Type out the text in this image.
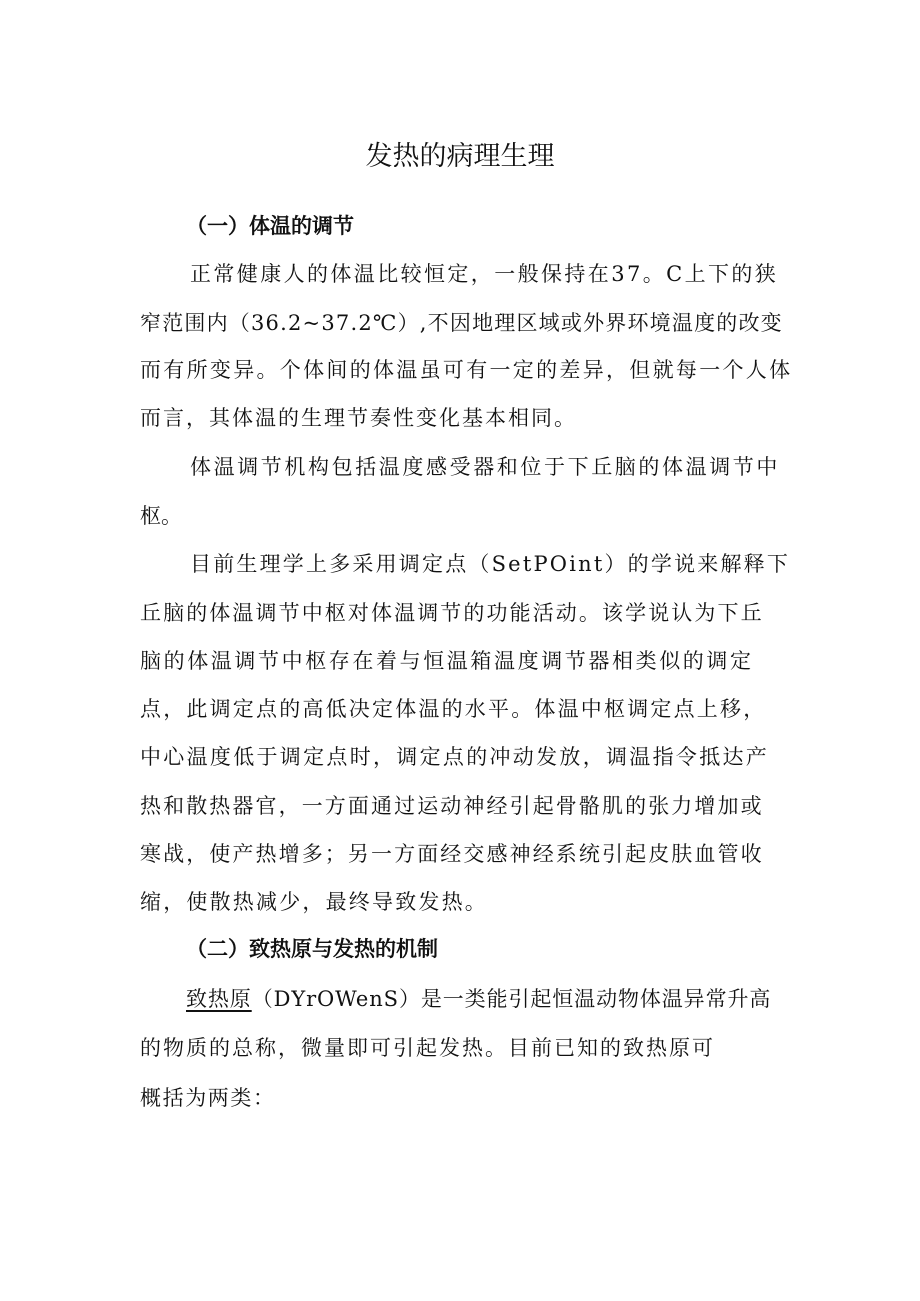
发热的病理生理
（一）体温的调节
正常健康人的体温比较恒定，一般保持在37。C上下的狭
窄范围内（36.2~37.2℃）,不因地理区域或外界环境温度的改变
而有所变异。个体间的体温虽可有一定的差异，但就每一个人体
而言，其体温的生理节奏性变化基本相同。
体温调节机构包括温度感受器和位于下丘脑的体温调节中
枢。
目前生理学上多采用调定点（SetPOint）的学说来解释下
丘脑的体温调节中枢对体温调节的功能活动。该学说认为下丘
脑的体温调节中枢存在着与恒温箱温度调节器相类似的调定
点，此调定点的高低决定体温的水平。体温中枢调定点上移，
中心温度低于调定点时，调定点的冲动发放，调温指令抵达产
热和散热器官，一方面通过运动神经引起骨骼肌的张力增加或
寒战，使产热增多；另一方面经交感神经系统引起皮肤血管收
缩，使散热减少，最终导致发热。
（二）致热原与发热的机制
致热原（DYrOWenS）是一类能引起恒温动物体温异常升高
的物质的总称，微量即可引起发热。目前已知的致热原可
概括为两类：
